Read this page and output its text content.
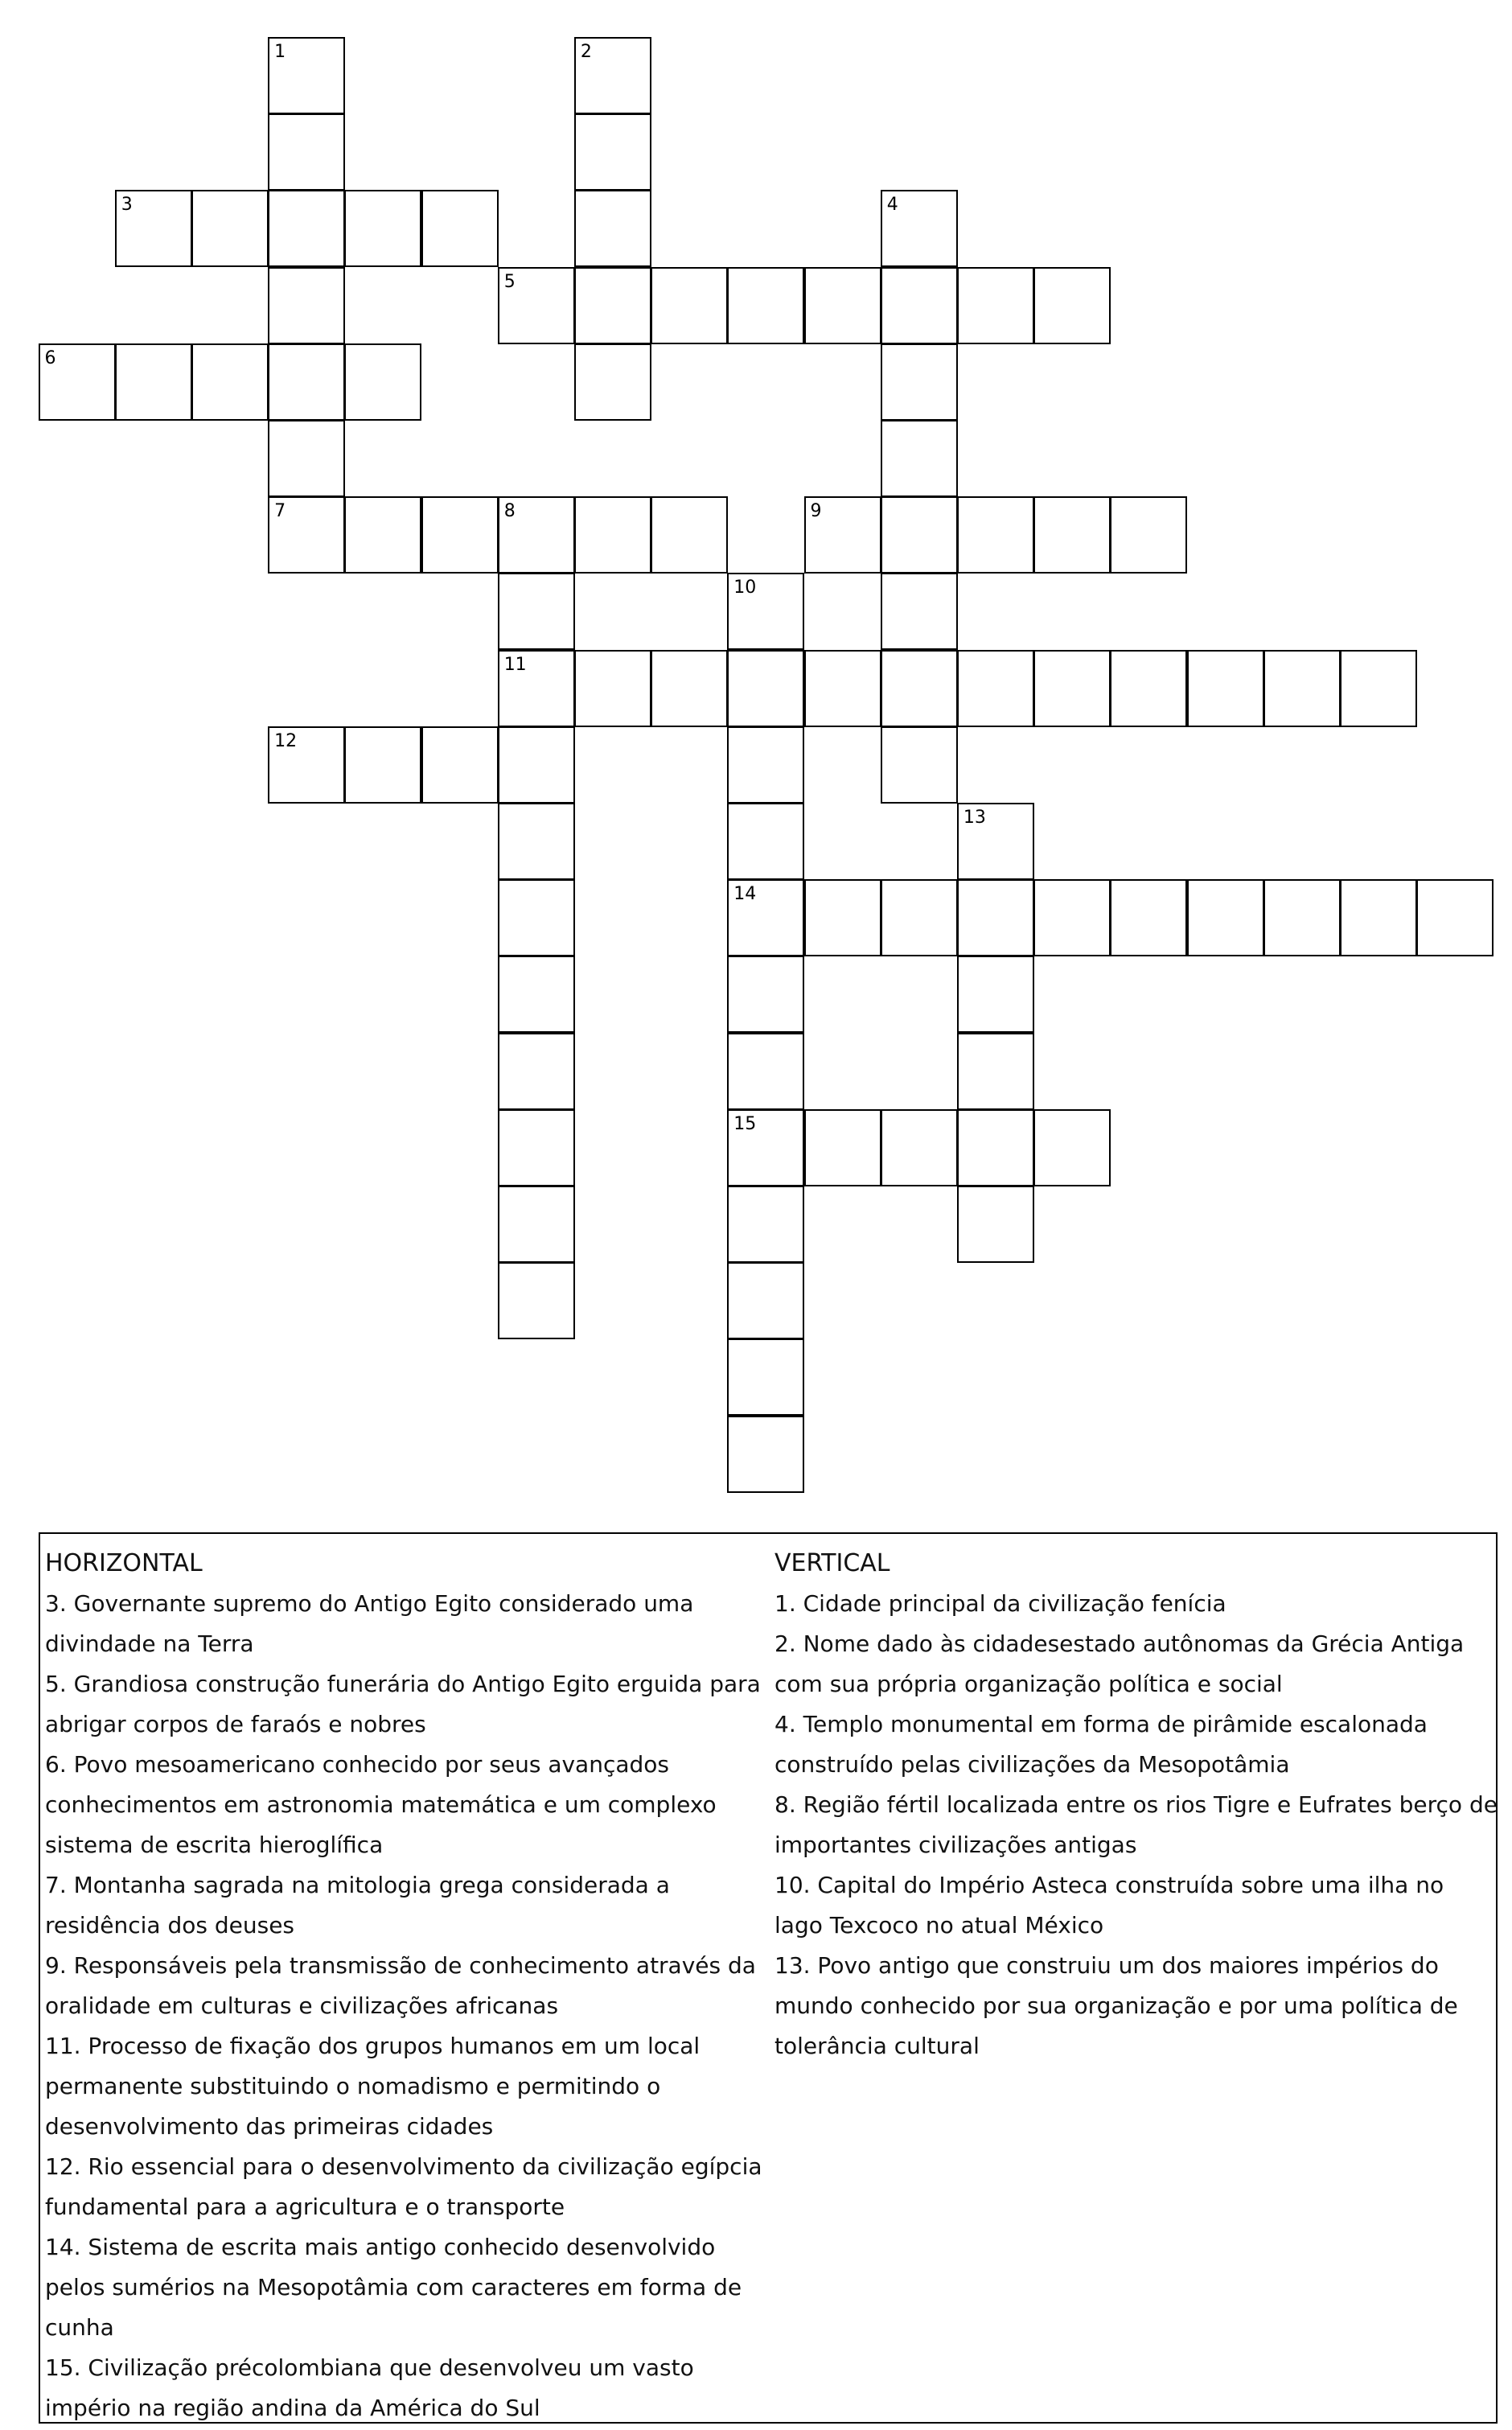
3
5
6
7	8	9
11
12
14
15
1	2
4
10
13
HORIZONTAL
3. Governante supremo do Antigo Egito considerado uma divindade na Terra
5. Grandiosa construção funerária do Antigo Egito erguida para abrigar corpos de faraós e nobres
6. Povo mesoamericano conhecido por seus avançados conhecimentos em astronomia matemática e um complexo sistema de escrita hieroglífica
7. Montanha sagrada na mitologia grega considerada a residência dos deuses
9. Responsáveis pela transmissão de conhecimento através da oralidade em culturas e civilizações africanas
11. Processo de fixação dos grupos humanos em um local permanente substituindo o nomadismo e permitindo o desenvolvimento das primeiras cidades
12. Rio essencial para o desenvolvimento da civilização egípcia fundamental para a agricultura e o transporte
14. Sistema de escrita mais antigo conhecido desenvolvido pelos sumérios na Mesopotâmia com caracteres em forma de cunha
15. Civilização précolombiana que desenvolveu um vasto império na região andina da América do Sul
VERTICAL
1. Cidade principal da civilização fenícia
2. Nome dado às cidadesestado autônomas da Grécia Antiga com sua própria organização política e social
4. Templo monumental em forma de pirâmide escalonada construído pelas civilizações da Mesopotâmia
8. Região fértil localizada entre os rios Tigre e Eufrates berço de importantes civilizações antigas
10. Capital do Império Asteca construída sobre uma ilha no lago Texcoco no atual México
13. Povo antigo que construiu um dos maiores impérios do mundo conhecido por sua organização e por uma política de tolerância cultural
